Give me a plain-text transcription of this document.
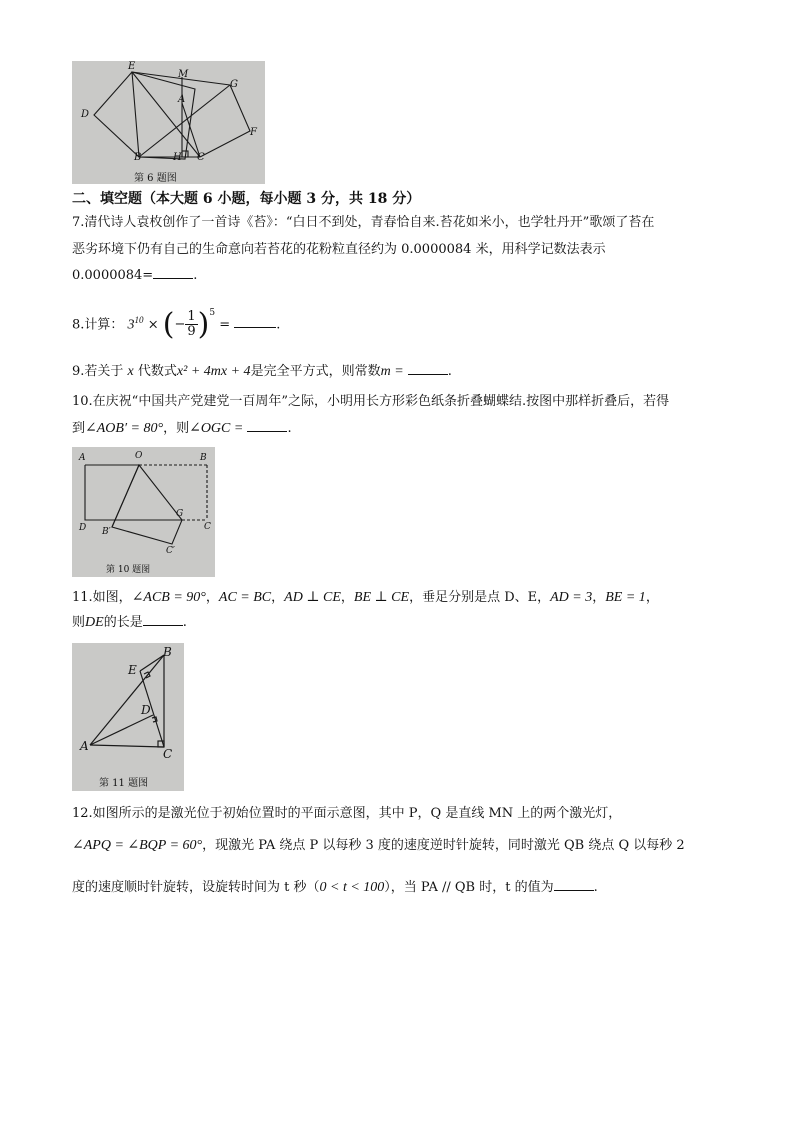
E
M
G
A
D
F
B	H C
第 6 题图
二、填空题（本大题 6 小题，每小题 3 分，共 18 分）
7.清代诗人袁枚创作了一首诗《苔》：“白日不到处，青春恰自来.苔花如米小，也学牡丹开”歌颂了苔在
恶劣环境下仍有自己的生命意向若苔花的花粉粒直径约为 0.0000084 米，用科学记数法表示
0.0000084=	.
8.计算： $3^{10}$ × (− $\frac{1}{9} )^5$ =	.
9.若关于 x 代数式x² + 4mx + 4是完全平方式，则常数m =	.
10.在庆祝“中国共产党建党一百周年”之际，小明用长方形彩色纸条折叠蝴蝶结.按图中那样折叠后，若得
到∠AOB′ = 80°，则∠OGC =	.
A	O	B
D
G
C
B′
C′
第 10 题图
11.如图，∠ACB = 90°，AC = BC，AD ⊥ CE，BE ⊥ CE，垂足分别是点 D、E，AD = 3，BE = 1，
则DE的长是	.
B
E
D
A
C
第 11 题图
12.如图所示的是激光位于初始位置时的平面示意图，其中 P，Q 是直线 MN 上的两个激光灯，
∠APQ = ∠BQP = 60°，现激光 PA 绕点 P 以每秒 3 度的速度逆时针旋转，同时激光 QB 绕点 Q 以每秒 2
度的速度顺时针旋转，设旋转时间为 t 秒（0 < t < 100），当 PA // QB 时，t 的值为	.
